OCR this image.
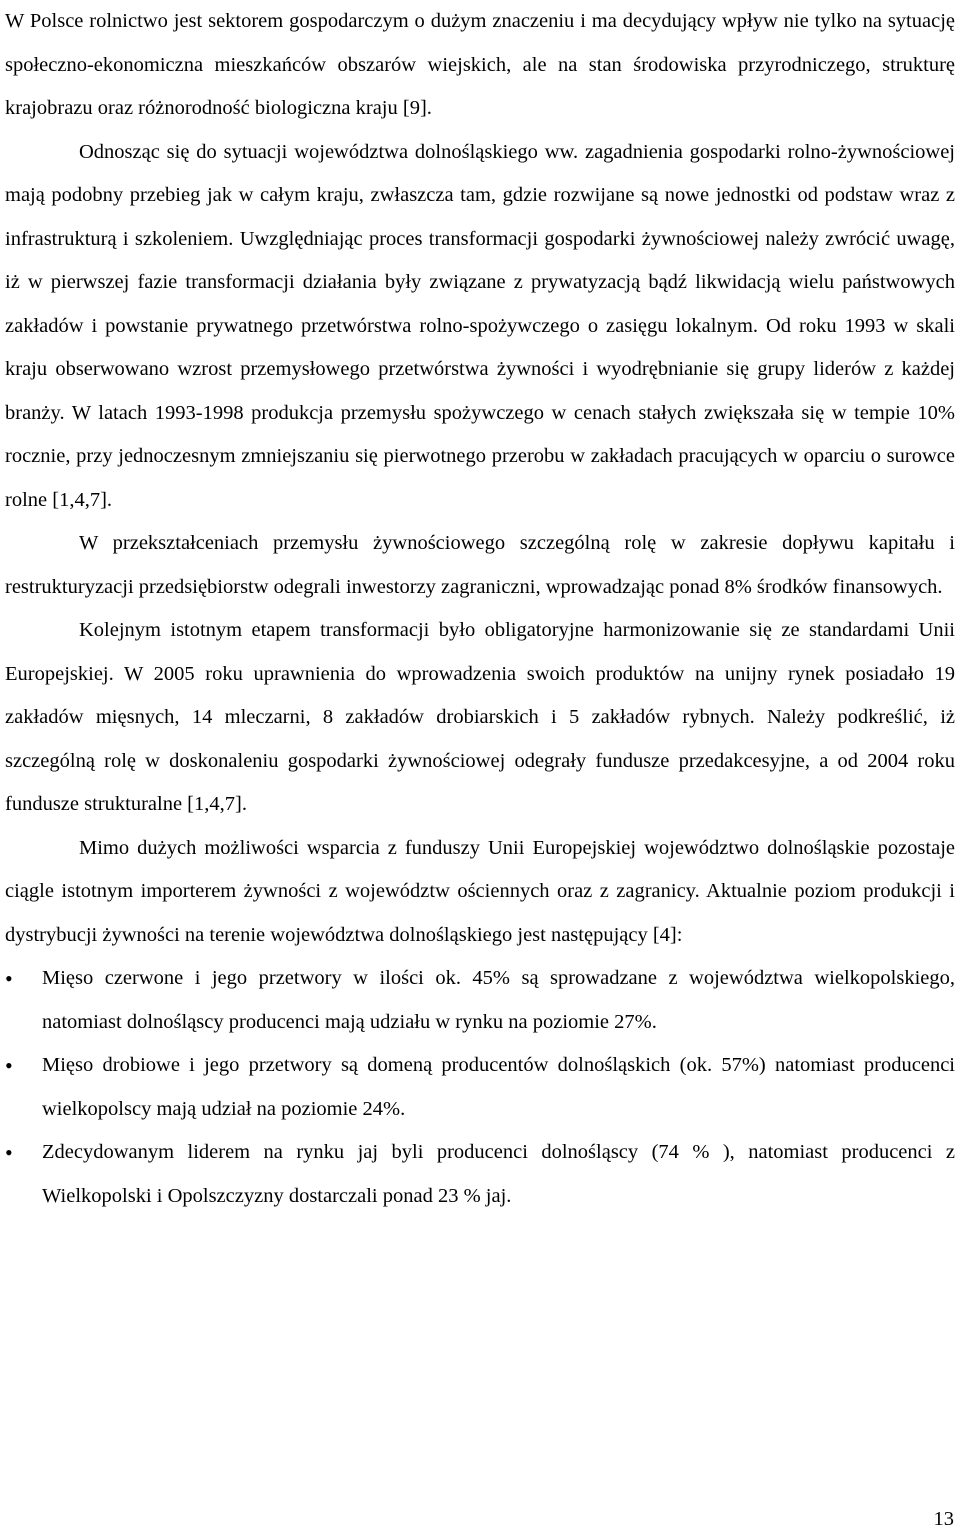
W Polsce rolnictwo jest sektorem gospodarczym o dużym znaczeniu i ma decydujący wpływ nie tylko na sytuację społeczno-ekonomiczna mieszkańców obszarów wiejskich, ale na stan środowiska przyrodniczego, strukturę krajobrazu oraz różnorodność biologiczna kraju [9].

Odnosząc się do sytuacji województwa dolnośląskiego ww. zagadnienia gospodarki rolno-żywnościowej mają podobny przebieg jak w całym kraju, zwłaszcza tam, gdzie rozwijane są nowe jednostki od podstaw wraz z infrastrukturą i szkoleniem. Uwzględniając proces transformacji gospodarki żywnościowej należy zwrócić uwagę, iż w pierwszej fazie transformacji działania były związane z prywatyzacją bądź likwidacją wielu państwowych zakładów i powstanie prywatnego przetwórstwa rolno-spożywczego o zasięgu lokalnym. Od roku 1993 w skali kraju obserwowano wzrost przemysłowego przetwórstwa żywności i wyodrębnianie się grupy liderów z każdej branży. W latach 1993-1998 produkcja przemysłu spożywczego w cenach stałych zwiększała się w tempie 10% rocznie, przy jednoczesnym zmniejszaniu się pierwotnego przerobu w zakładach pracujących w oparciu o surowce rolne [1,4,7].

W przekształceniach przemysłu żywnościowego szczególną rolę w zakresie dopływu kapitału i restrukturyzacji przedsiębiorstw odegrali inwestorzy zagraniczni, wprowadzając ponad 8% środków finansowych.

Kolejnym istotnym etapem transformacji było obligatoryjne harmonizowanie się ze standardami Unii Europejskiej. W 2005 roku uprawnienia do wprowadzenia swoich produktów na unijny rynek posiadało 19 zakładów mięsnych, 14 mleczarni, 8 zakładów drobiarskich i 5 zakładów rybnych. Należy podkreślić, iż szczególną rolę w doskonaleniu gospodarki żywnościowej odegrały fundusze przedakcesyjne, a od 2004 roku fundusze strukturalne [1,4,7].

Mimo dużych możliwości wsparcia z funduszy Unii Europejskiej województwo dolnośląskie pozostaje ciągle istotnym importerem żywności z województw ościennych oraz z zagranicy. Aktualnie poziom produkcji i dystrybucji żywności na terenie województwa dolnośląskiego jest następujący [4]:

• Mięso czerwone i jego przetwory w ilości ok. 45% są sprowadzane z województwa wielkopolskiego, natomiast dolnośląscy producenci mają udziału w rynku na poziomie 27%.
• Mięso drobiowe i jego przetwory są domeną producentów dolnośląskich (ok. 57%) natomiast producenci wielkopolscy mają udział na poziomie 24%.
• Zdecydowanym liderem na rynku jaj byli producenci dolnośląscy (74 % ), natomiast producenci z Wielkopolski i Opolszczyzny dostarczali ponad 23 % jaj.
13
